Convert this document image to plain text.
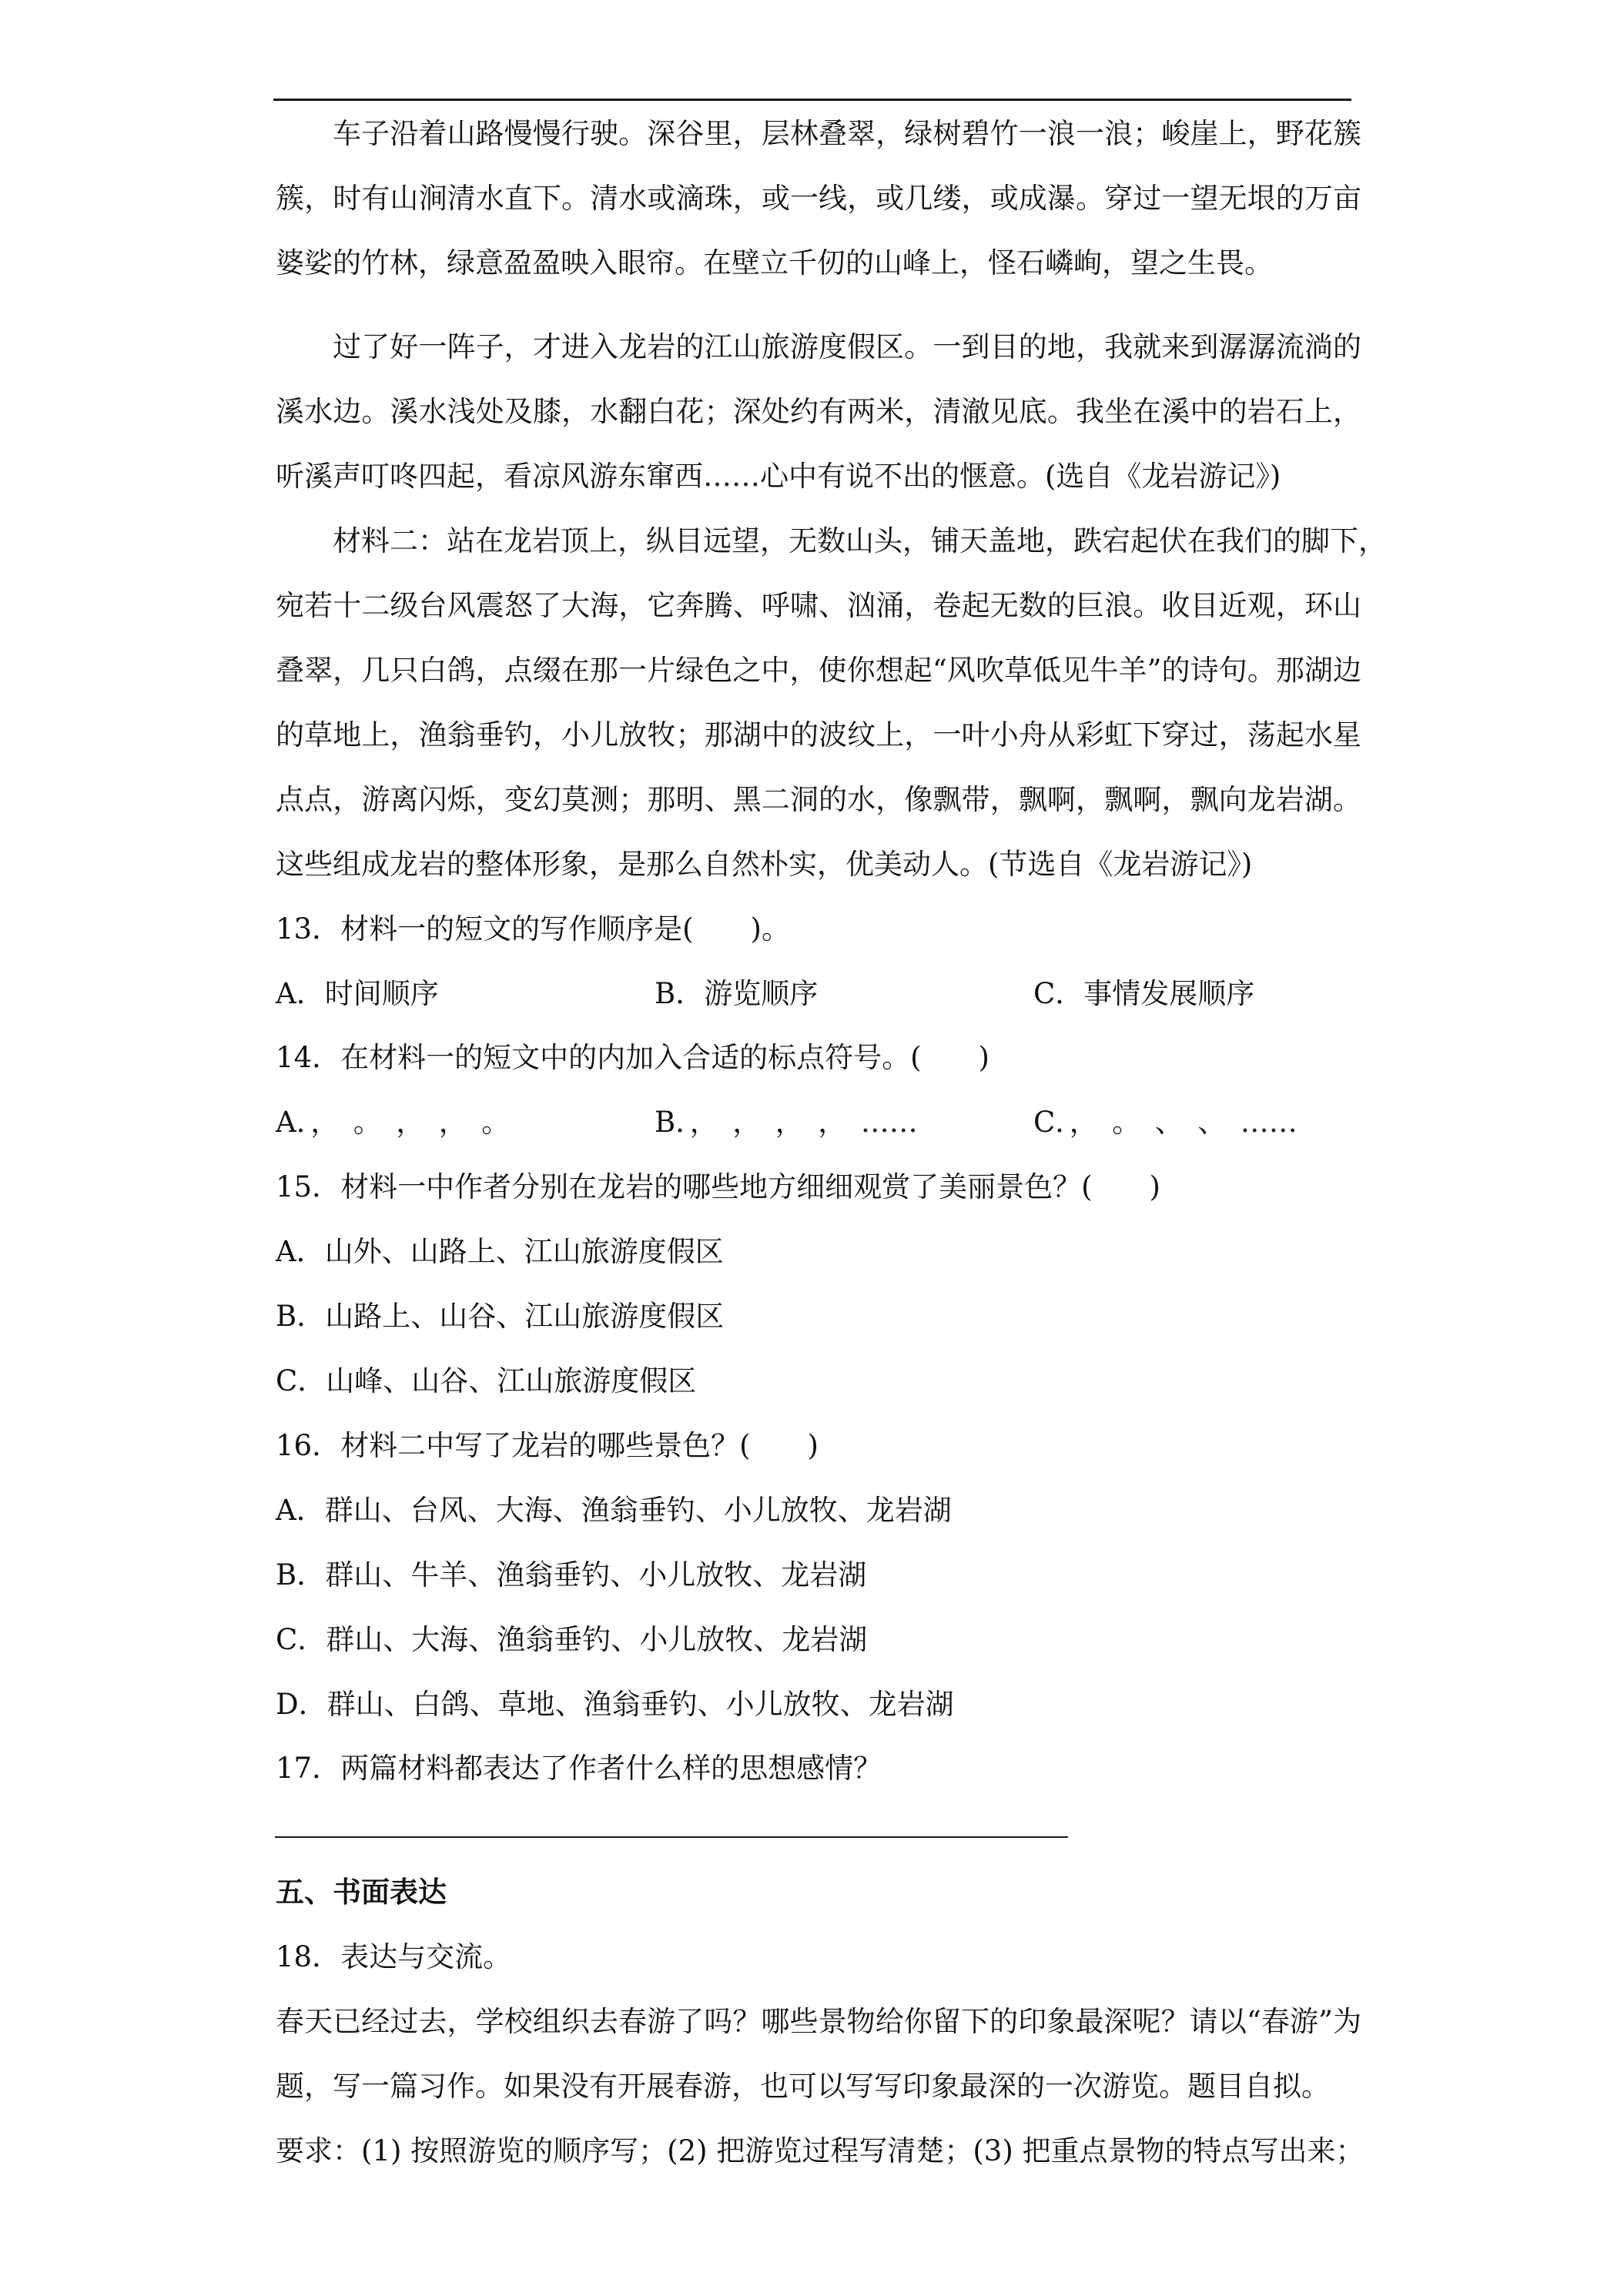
车子沿着山路慢慢行驶。深谷里，层林叠翠，绿树碧竹一浪一浪；峻崖上，野花簇
簇，时有山涧清水直下。清水或滴珠，或一线，或几缕，或成瀑。穿过一望无垠的万亩
婆娑的竹林，绿意盈盈映入眼帘。在壁立千仞的山峰上，怪石嶙峋，望之生畏。
过了好一阵子，才进入龙岩的江山旅游度假区。一到目的地，我就来到潺潺流淌的
溪水边。溪水浅处及膝，水翻白花；深处约有两米，清澈见底。我坐在溪中的岩石上，
听溪声叮咚四起，看凉风游东窜西……心中有说不出的惬意。(选自《龙岩游记》)
材料二：站在龙岩顶上，纵目远望，无数山头，铺天盖地，跌宕起伏在我们的脚下，
宛若十二级台风震怒了大海，它奔腾、呼啸、汹涌，卷起无数的巨浪。收目近观，环山
叠翠，几只白鸽，点缀在那一片绿色之中，使你想起“风吹草低见牛羊”的诗句。那湖边
的草地上，渔翁垂钓，小儿放牧；那湖中的波纹上，一叶小舟从彩虹下穿过，荡起水星
点点，游离闪烁，变幻莫测；那明、黑二洞的水，像飘带，飘啊，飘啊，飘向龙岩湖。
这些组成龙岩的整体形象，是那么自然朴实，优美动人。(节选自《龙岩游记》)
13．材料一的短文的写作顺序是(　　)。
A．时间顺序	B．游览顺序	C．事情发展顺序
14．在材料一的短文中的内加入合适的标点符号。(　　)
A．，　。　，　，　。	B．，　，　，　，　……	C．，　。　、　、　……
15．材料一中作者分别在龙岩的哪些地方细细观赏了美丽景色？(　　)
A．山外、山路上、江山旅游度假区
B．山路上、山谷、江山旅游度假区
C．山峰、山谷、江山旅游度假区
16．材料二中写了龙岩的哪些景色？(　　)
A．群山、台风、大海、渔翁垂钓、小儿放牧、龙岩湖
B．群山、牛羊、渔翁垂钓、小儿放牧、龙岩湖
C．群山、大海、渔翁垂钓、小儿放牧、龙岩湖
D．群山、白鸽、草地、渔翁垂钓、小儿放牧、龙岩湖
17．两篇材料都表达了作者什么样的思想感情？
五、书面表达
18．表达与交流。
春天已经过去，学校组织去春游了吗？哪些景物给你留下的印象最深呢？请以“春游”为
题，写一篇习作。如果没有开展春游，也可以写写印象最深的一次游览。题目自拟。
要求：(1) 按照游览的顺序写；(2) 把游览过程写清楚；(3) 把重点景物的特点写出来；
